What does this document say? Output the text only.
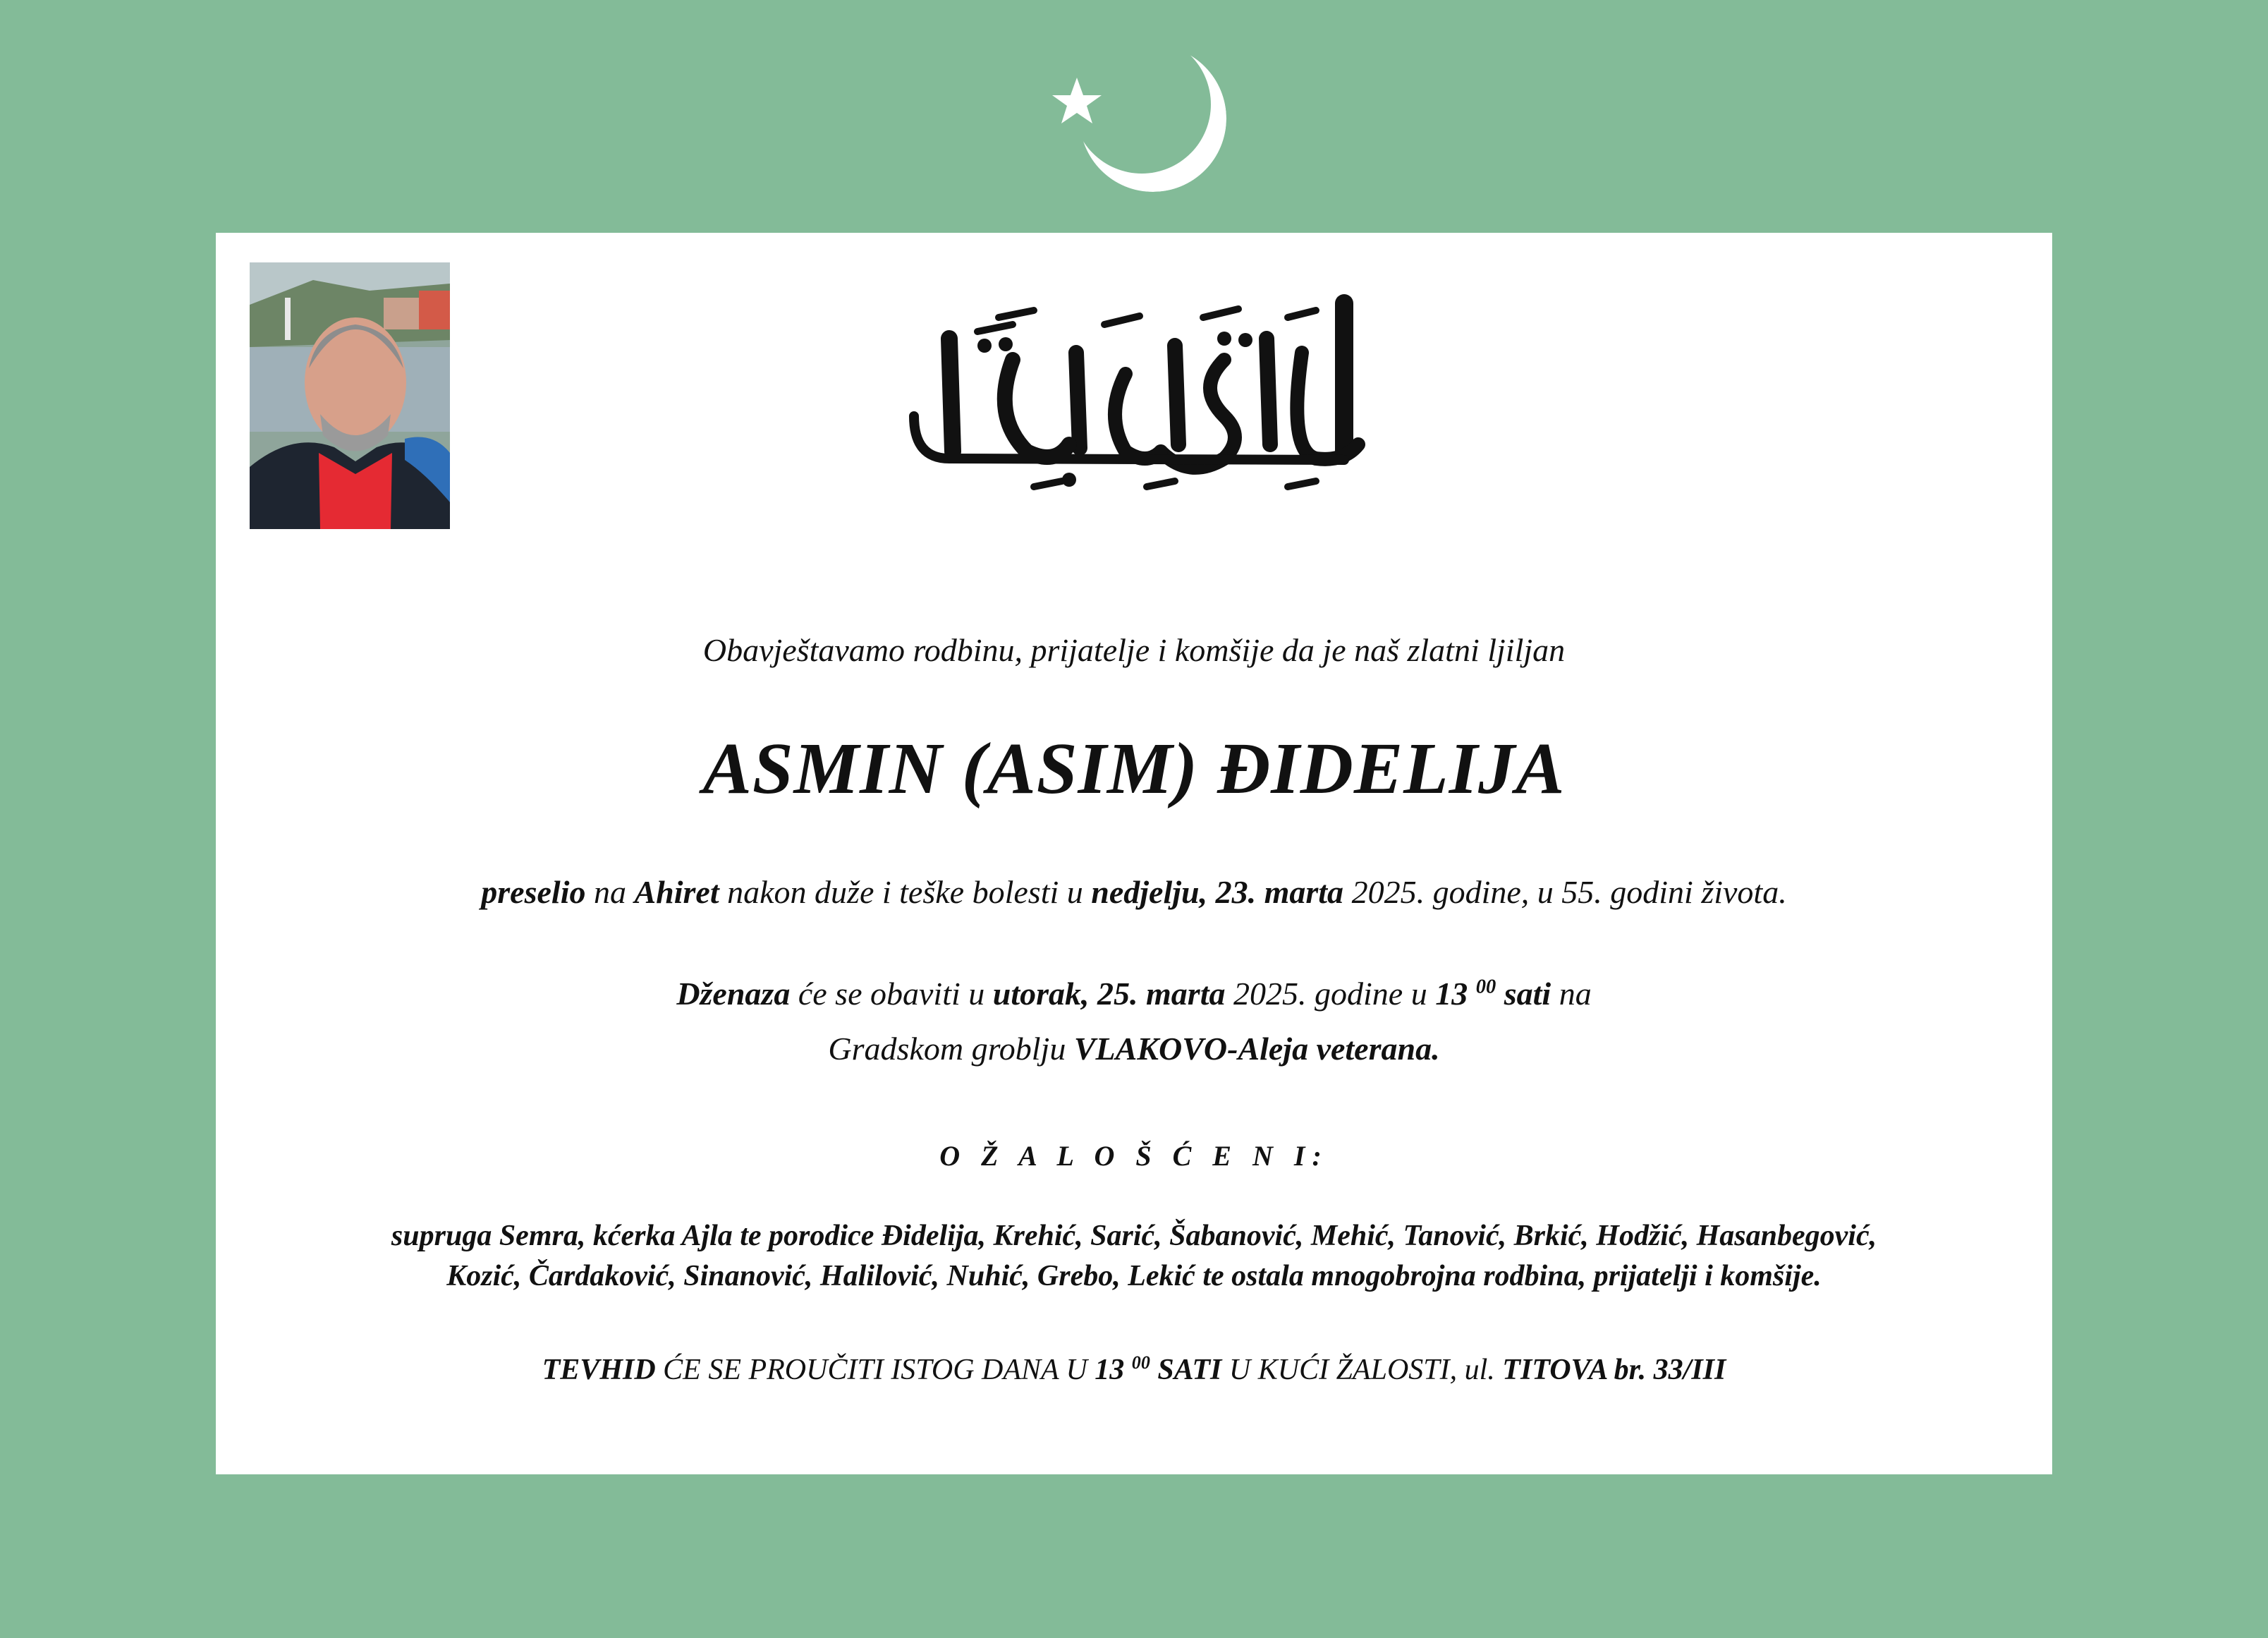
Obavještavamo rodbinu, prijatelje i komšije da je naš zlatni ljiljan
ASMIN (ASIM) ĐIDELIJA
preselio na Ahiret nakon duže i teške bolesti u nedjelju, 23. marta 2025. godine, u 55. godini života.
Dženaza će se obaviti u utorak, 25. marta 2025. godine u 13 $^{00}$ sati na
Gradskom groblju VLAKOVO-Aleja veterana.
O Ž A L O Š Ć E N I:
supruga Semra, kćerka Ajla te porodice Đidelija, Krehić, Sarić, Šabanović, Mehić, Tanović, Brkić, Hodžić, Hasanbegović,
Kozić, Čardaković, Sinanović, Halilović, Nuhić, Grebo, Lekić te ostala mnogobrojna rodbina, prijatelji i komšije.
TEVHID ĆE SE PROUČITI ISTOG DANA U 13 $^{00}$ SATI U KUĆI ŽALOSTI, ul. TITOVA br. 33/III
